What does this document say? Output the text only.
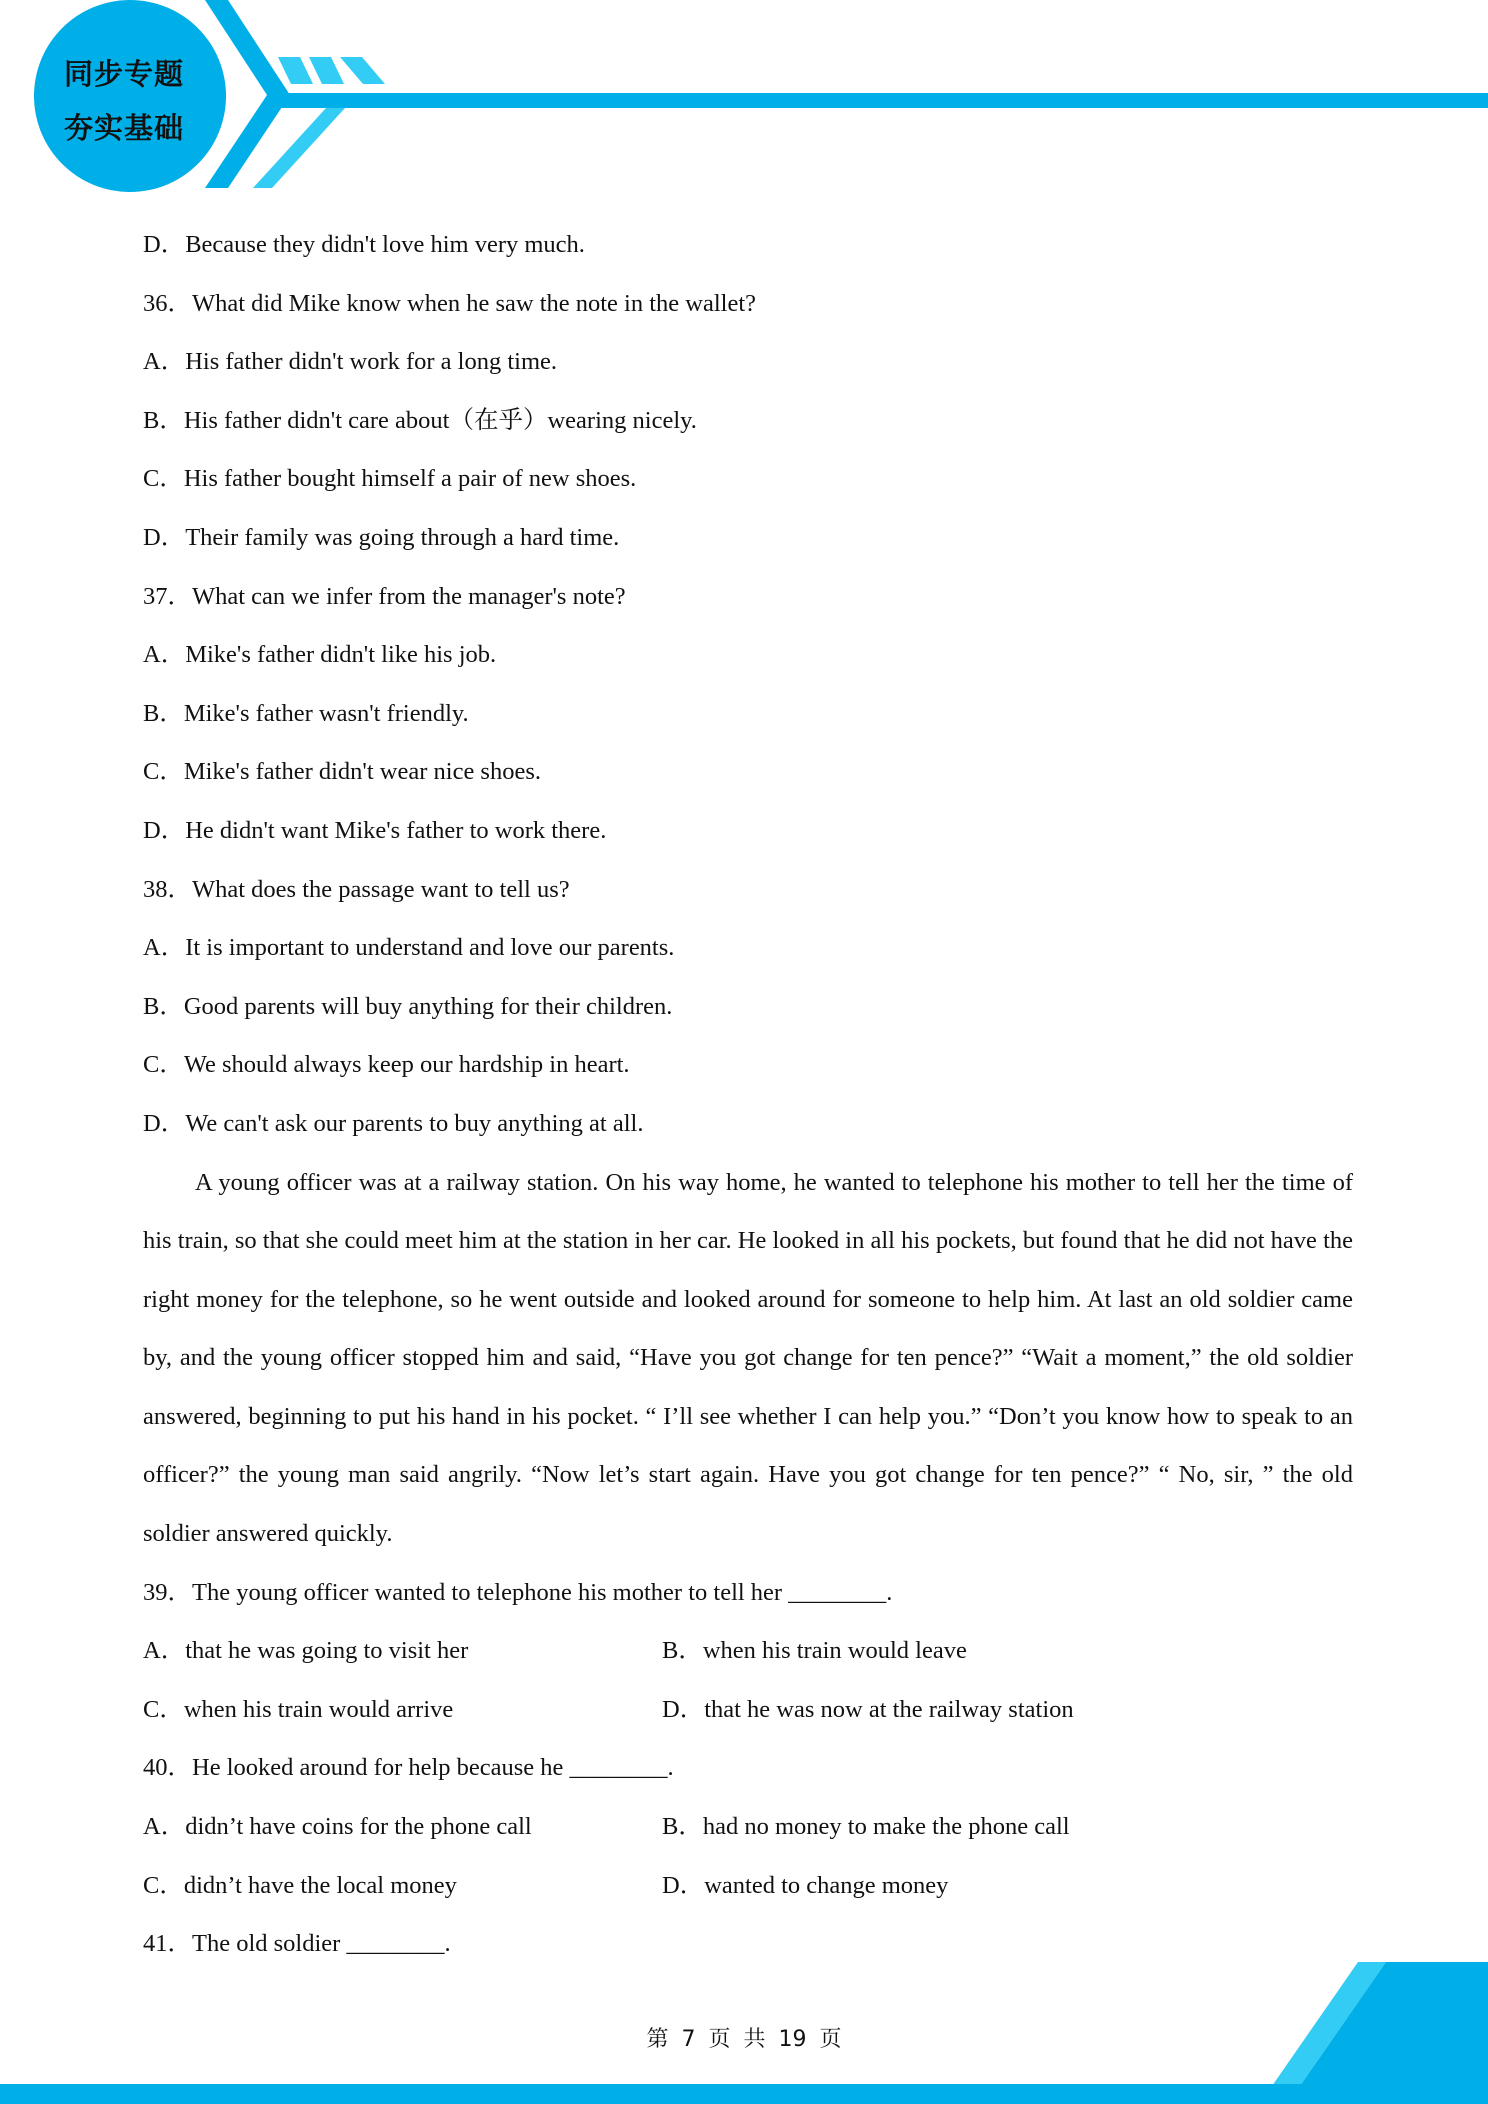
同步专题
夯实基础
D．Because they didn't love him very much.
36．What did Mike know when he saw the note in the wallet?
A．His father didn't work for a long time.
B．His father didn't care about（在乎）wearing nicely.
C．His father bought himself a pair of new shoes.
D．Their family was going through a hard time.
37．What can we infer from the manager's note?
A．Mike's father didn't like his job.
B．Mike's father wasn't friendly.
C．Mike's father didn't wear nice shoes.
D．He didn't want Mike's father to work there.
38．What does the passage want to tell us?
A．It is important to understand and love our parents.
B．Good parents will buy anything for their children.
C．We should always keep our hardship in heart.
D．We can't ask our parents to buy anything at all.

A young officer was at a railway station. On his way home, he wanted to telephone his mother to tell her the time of his train, so that she could meet him at the station in her car. He looked in all his pockets, but found that he did not have the right money for the telephone, so he went outside and looked around for someone to help him. At last an old soldier came by, and the young officer stopped him and said, “Have you got change for ten pence?” “Wait a moment,” the old soldier answered, beginning to put his hand in his pocket. “ I’ll see whether I can help you.” “Don’t you know how to speak to an officer?” the young man said angrily. “Now let’s start again. Have you got change for ten pence?” “ No, sir, ” the old soldier answered quickly.

39．The young officer wanted to telephone his mother to tell her ________.
A．that he was going to visit her	B．when his train would leave
C．when his train would arrive	D．that he was now at the railway station
40．He looked around for help because he ________.
A．didn’t have coins for the phone call	B．had no money to make the phone call
C．didn’t have the local money	D．wanted to change money
41．The old soldier ________.
第 7 页 共 19 页
